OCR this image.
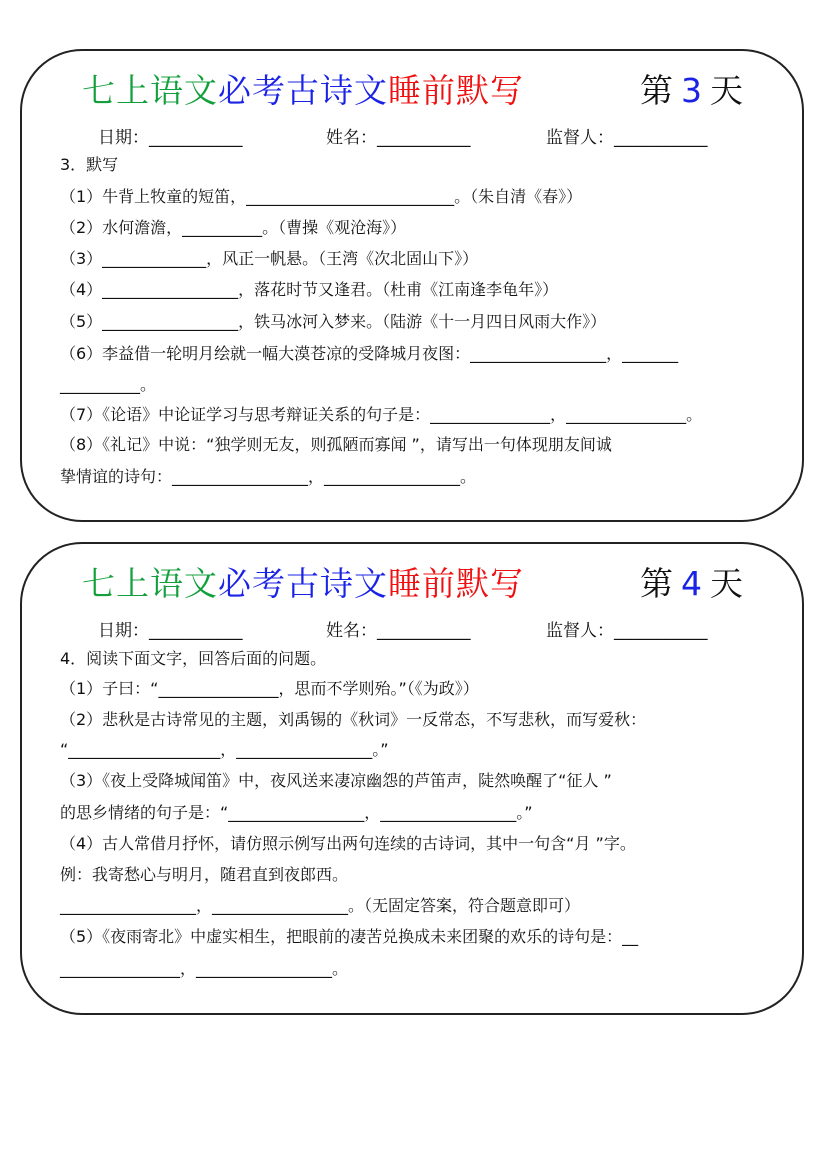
七上语文必考古诗文睡前默写	第 3 天
日期：___________	姓名：___________	监督人：___________
3．默写
（1）牛背上牧童的短笛，__________________________。（朱自清《春》）
（2）水何澹澹，__________。（曹操《观沧海》）
（3）_____________，风正一帆悬。（王湾《次北固山下》）
（4）_________________，落花时节又逢君。（杜甫《江南逢李龟年》）
（5）_________________，铁马冰河入梦来。（陆游《十一月四日风雨大作》）
（6）李益借一轮明月绘就一幅大漠苍凉的受降城月夜图：_________________，_______
__________。
（7）《论语》中论证学习与思考辩证关系的句子是：_______________，_______________。
（8）《礼记》中说：“独学则无友，则孤陋而寡闻 ”，请写出一句体现朋友间诚
挚情谊的诗句：_________________，_________________。
七上语文必考古诗文睡前默写	第 4 天
日期：___________	姓名：___________	监督人：___________
4．阅读下面文字，回答后面的问题。
（1）子曰：“_______________，思而不学则殆。”（《为政》）
（2）悲秋是古诗常见的主题，刘禹锡的《秋词》一反常态，不写悲秋，而写爱秋：
“___________________，_________________。”
（3）《夜上受降城闻笛》中，夜风送来凄凉幽怨的芦笛声，陡然唤醒了“征人 ”
的思乡情绪的句子是：“_________________，_________________。”
（4）古人常借月抒怀，请仿照示例写出两句连续的古诗词，其中一句含“月 ”字。
例：我寄愁心与明月，随君直到夜郎西。
_________________，_________________。（无固定答案，符合题意即可）
（5）《夜雨寄北》中虚实相生，把眼前的凄苦兑换成未来团聚的欢乐的诗句是：__
_______________，_________________。
